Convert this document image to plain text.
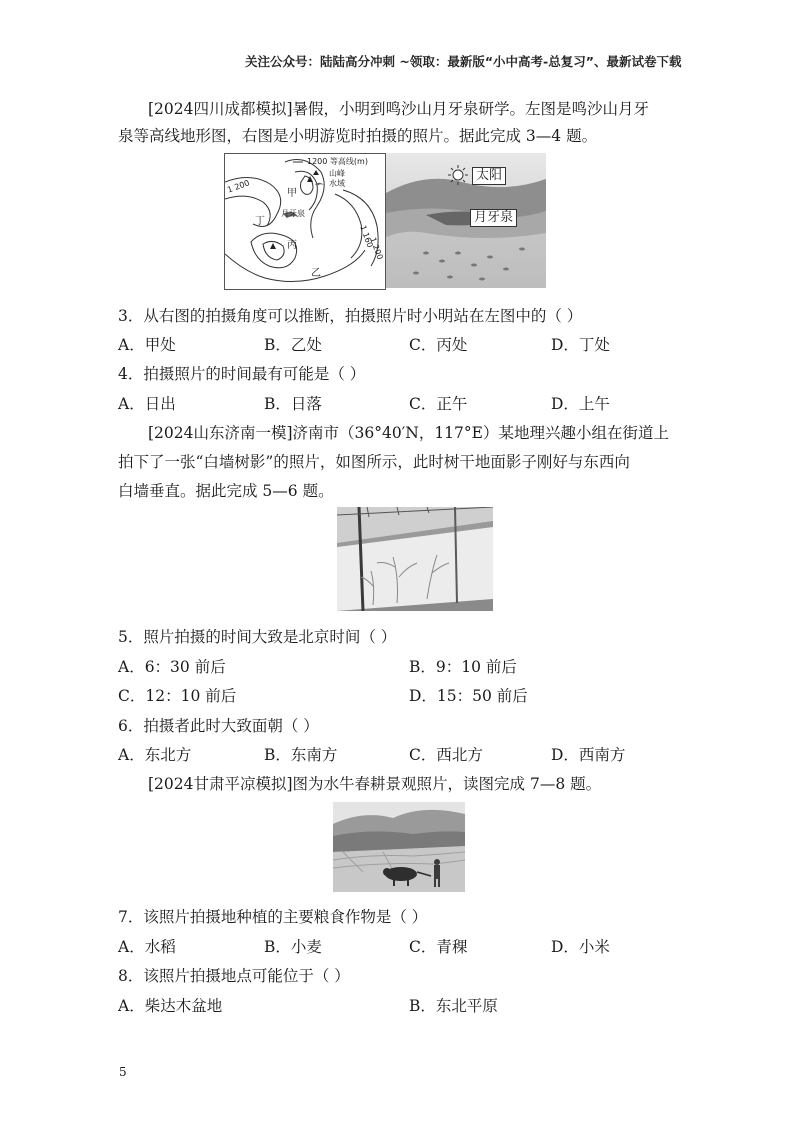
关注公众号：陆陆高分冲刺 ~领取：最新版“小中高考-总复习”、最新试卷下载
[2024四川成都模拟]暑假，小明到鸣沙山月牙泉研学。左图是鸣沙山月牙
泉等高线地形图，右图是小明游览时拍摄的照片。据此完成 3—4 题。
1200 等高线(m)
山峰
水域
1 200
1 160
1 200
甲
月牙泉
丁
丙
乙
太阳
月牙泉
3．从右图的拍摄角度可以推断，拍摄照片时小明站在左图中的（ ）
A．甲处	B．乙处	C．丙处	D．丁处
4．拍摄照片的时间最有可能是（ ）
A．日出	B．日落	C．正午	D．上午
[2024山东济南一模]济南市（36°40′N，117°E）某地理兴趣小组在街道上
拍下了一张“白墙树影”的照片，如图所示，此时树干地面影子刚好与东西向
白墙垂直。据此完成 5—6 题。
5．照片拍摄的时间大致是北京时间（ ）
A．6：30 前后	B．9：10 前后
C．12：10 前后	D．15：50 前后
6．拍摄者此时大致面朝（ ）
A．东北方	B．东南方	C．西北方	D．西南方
[2024甘肃平凉模拟]图为水牛春耕景观照片，读图完成 7—8 题。
7．该照片拍摄地种植的主要粮食作物是（ ）
A．水稻	B．小麦	C．青稞	D．小米
8．该照片拍摄地点可能位于（ ）
A．柴达木盆地	B．东北平原
5
